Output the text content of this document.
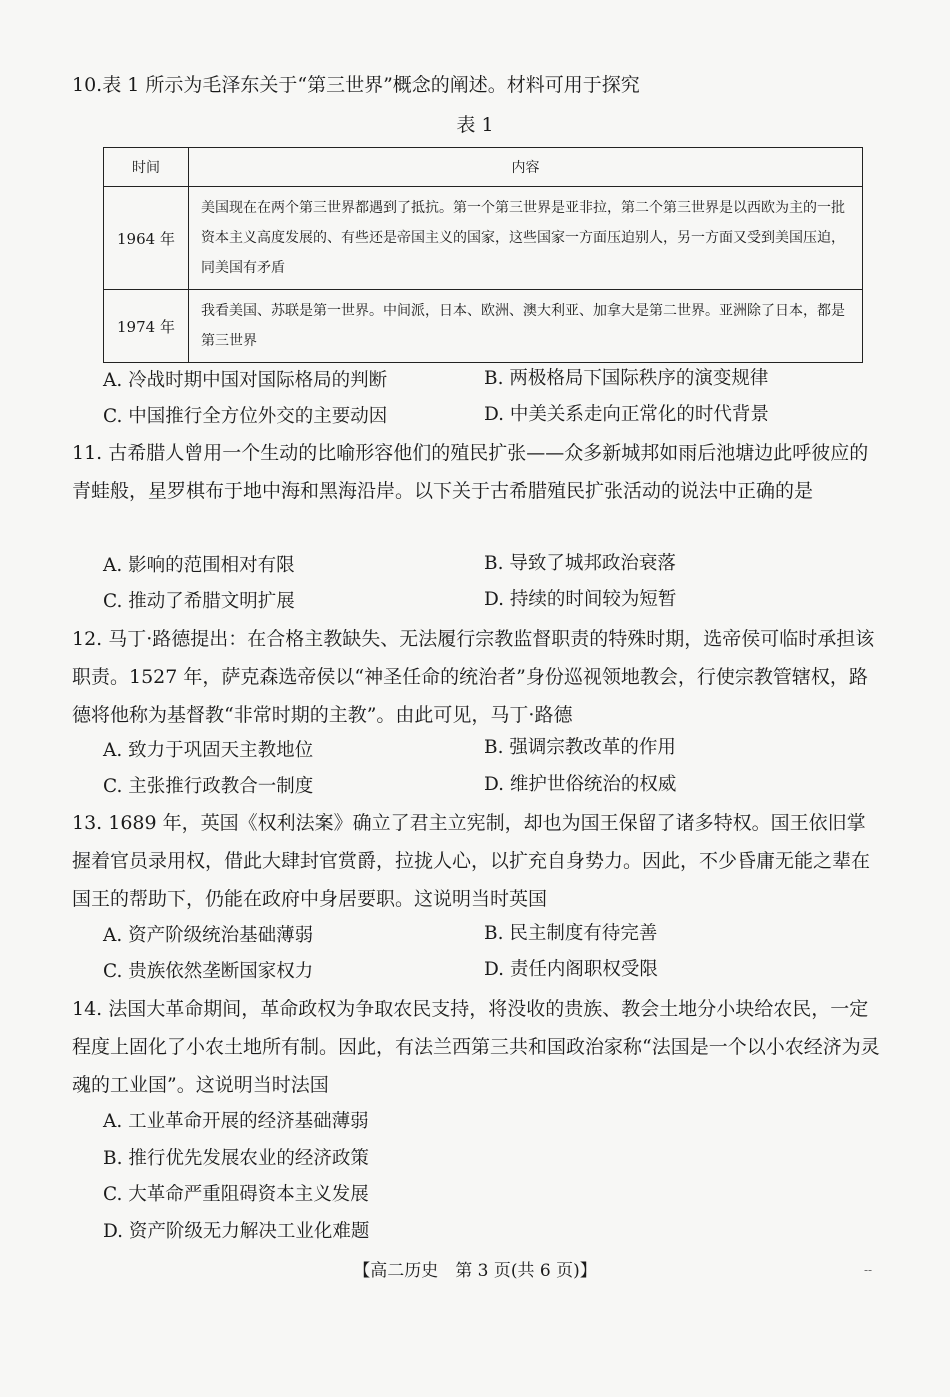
10.表 1 所示为毛泽东关于“第三世界”概念的阐述。材料可用于探究
表 1
时间	内容
1964 年	美国现在在两个第三世界都遇到了抵抗。第一个第三世界是亚非拉，第二个第三世界是以西欧为主的一批资本主义高度发展的、有些还是帝国主义的国家，这些国家一方面压迫别人，另一方面又受到美国压迫，同美国有矛盾
1974 年	我看美国、苏联是第一世界。中间派，日本、欧洲、澳大利亚、加拿大是第二世界。亚洲除了日本，都是第三世界
A. 冷战时期中国对国际格局的判断	B. 两极格局下国际秩序的演变规律
C. 中国推行全方位外交的主要动因	D. 中美关系走向正常化的时代背景
11. 古希腊人曾用一个生动的比喻形容他们的殖民扩张——众多新城邦如雨后池塘边此呼彼应的青蛙般，星罗棋布于地中海和黑海沿岸。以下关于古希腊殖民扩张活动的说法中正确的是
A. 影响的范围相对有限	B. 导致了城邦政治衰落
C. 推动了希腊文明扩展	D. 持续的时间较为短暂
12. 马丁·路德提出：在合格主教缺失、无法履行宗教监督职责的特殊时期，选帝侯可临时承担该职责。1527 年，萨克森选帝侯以“神圣任命的统治者”身份巡视领地教会，行使宗教管辖权，路德将他称为基督教“非常时期的主教”。由此可见，马丁·路德
A. 致力于巩固天主教地位	B. 强调宗教改革的作用
C. 主张推行政教合一制度	D. 维护世俗统治的权威
13. 1689 年，英国《权利法案》确立了君主立宪制，却也为国王保留了诸多特权。国王依旧掌握着官员录用权，借此大肆封官赏爵，拉拢人心，以扩充自身势力。因此，不少昏庸无能之辈在国王的帮助下，仍能在政府中身居要职。这说明当时英国
A. 资产阶级统治基础薄弱	B. 民主制度有待完善
C. 贵族依然垄断国家权力	D. 责任内阁职权受限
14. 法国大革命期间，革命政权为争取农民支持，将没收的贵族、教会土地分小块给农民，一定程度上固化了小农土地所有制。因此，有法兰西第三共和国政治家称“法国是一个以小农经济为灵魂的工业国”。这说明当时法国
A. 工业革命开展的经济基础薄弱
B. 推行优先发展农业的经济政策
C. 大革命严重阻碍资本主义发展
D. 资产阶级无力解决工业化难题
【高二历史　第 3 页(共 6 页)】	--
